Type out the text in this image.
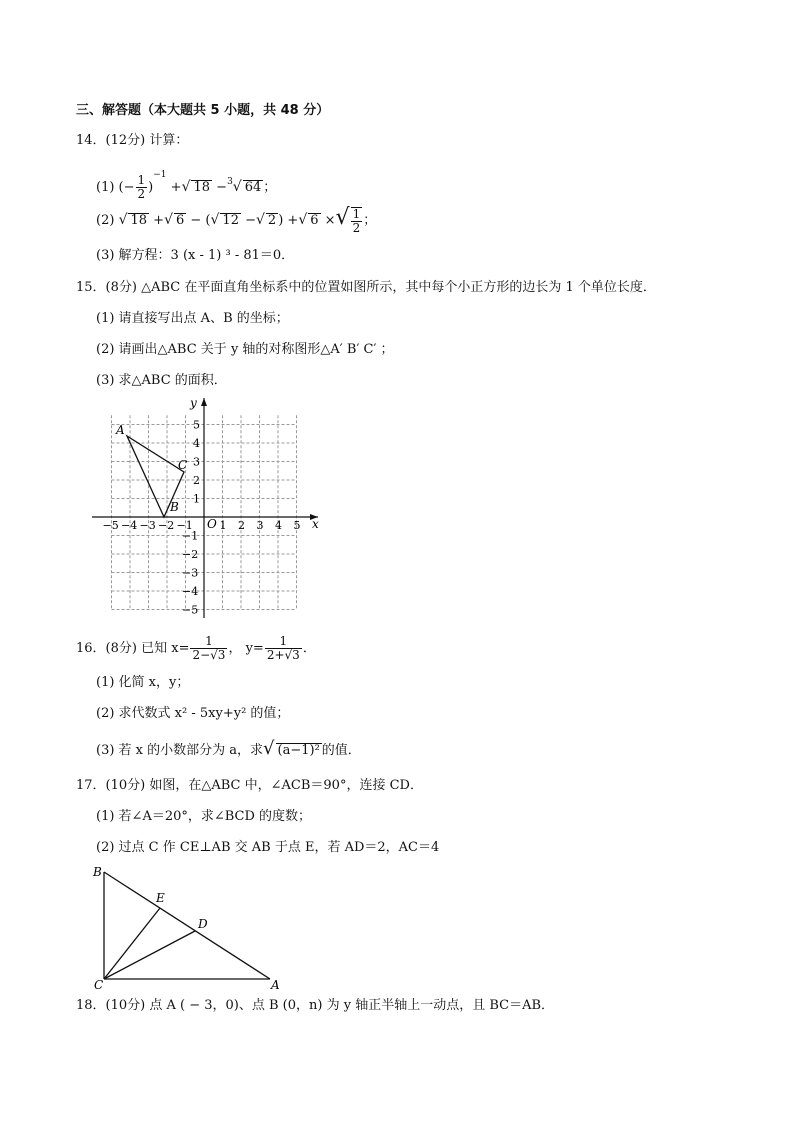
三、解答题（本大题共 5 小题，共 48 分）
14．(12分) 计算：
(1) (− $\frac{1}{2} )^{-1}$ +√ 18 −$^3$√ 64 ；
(2) √ 18 +√ 6 − (√ 12 −√ 2 ) +√ 6 ×√ $\frac{1}{2}$ ；
(3) 解方程：3 (x - 1) ³ - 81＝0．
15．(8分) △ABC 在平面直角坐标系中的位置如图所示，其中每个小正方形的边长为 1 个单位长度．
(1) 请直接写出点 A、B 的坐标；
(2) 请画出△ABC 关于 y 轴的对称图形△A′ B′ C′ ；
(3) 求△ABC 的面积．
y
x
O
−5 −4 −3 −2 −1 1 2 3 4 5
5
4
3
2
1
−1
−2
−3
−4
−5
A
B
C
16．(8分) 已知 $x= \frac{1}{2-√3}$ ， $y= \frac{1}{2+√3}$ ．
(1) 化简 x，y；
(2) 求代数式 x² - 5xy+y² 的值；
(3) 若 x 的小数部分为 a，求√ (a−1)² 的值．
17．(10分) 如图，在△ABC 中，∠ACB＝90°，连接 CD．
(1) 若∠A＝20°，求∠BCD 的度数；
(2) 过点 C 作 CE⊥AB 交 AB 于点 E，若 AD＝2，AC＝4
B
E
D
C	A
18．(10分) 点 A ( − 3，0)、点 B (0，n) 为 y 轴正半轴上一动点，且 BC＝AB．
